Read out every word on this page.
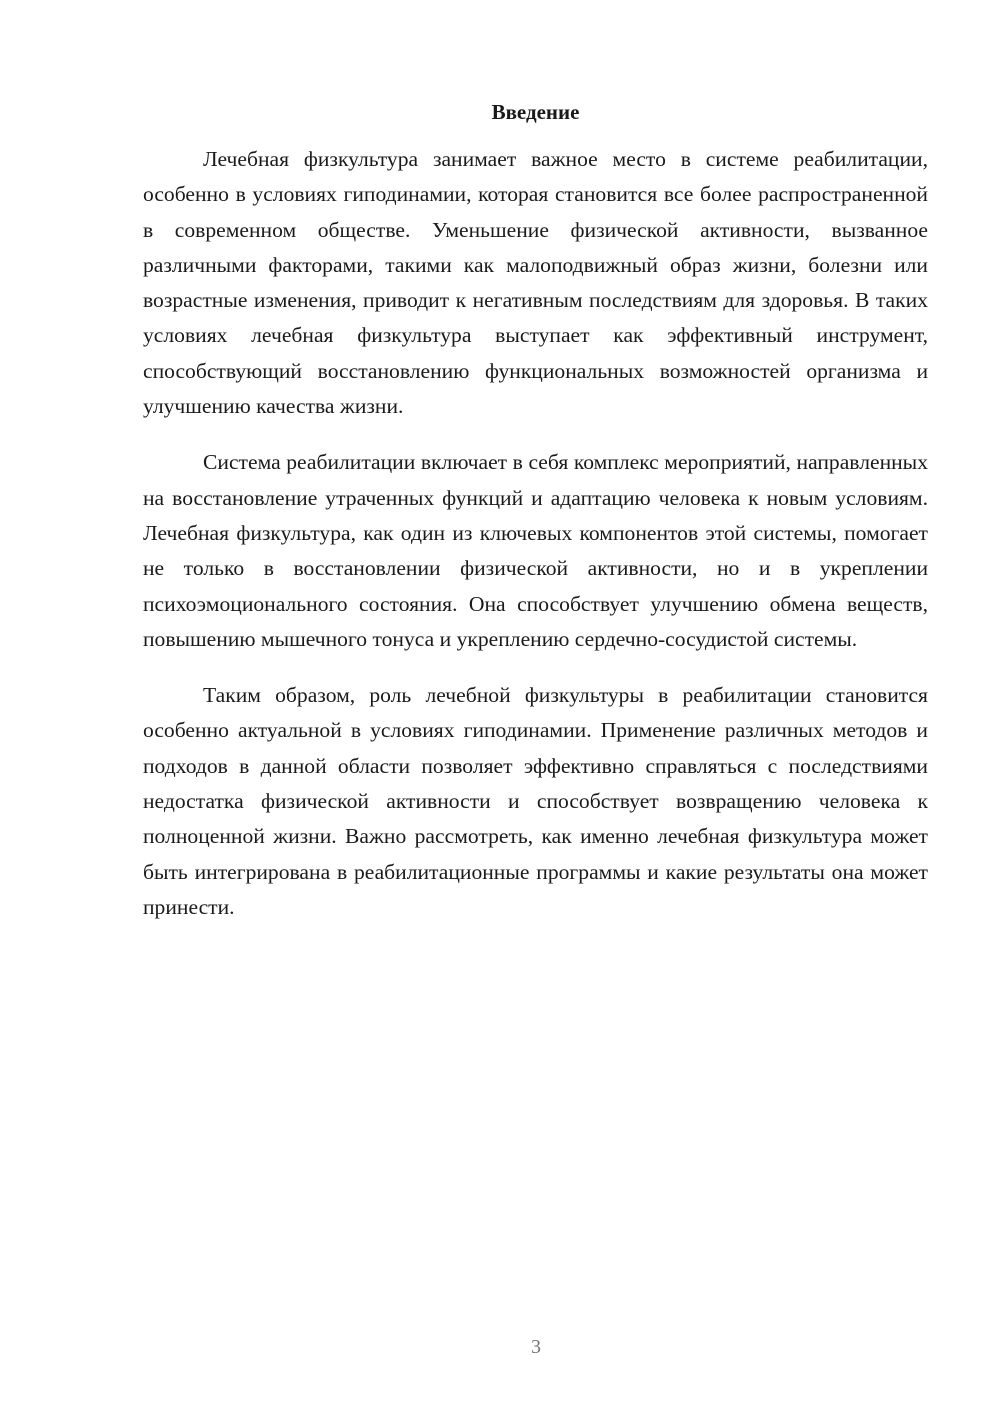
Введение

Лечебная физкультура занимает важное место в системе реабилитации, особенно в условиях гиподинамии, которая становится все более распространенной в современном обществе. Уменьшение физической активности, вызванное различными факторами, такими как малоподвижный образ жизни, болезни или возрастные изменения, приводит к негативным последствиям для здоровья. В таких условиях лечебная физкультура выступает как эффективный инструмент, способствующий восстановлению функциональных возможностей организма и улучшению качества жизни.

Система реабилитации включает в себя комплекс мероприятий, направленных на восстановление утраченных функций и адаптацию человека к новым условиям. Лечебная физкультура, как один из ключевых компонентов этой системы, помогает не только в восстановлении физической активности, но и в укреплении психоэмоционального состояния. Она способствует улучшению обмена веществ, повышению мышечного тонуса и укреплению сердечно-сосудистой системы.

Таким образом, роль лечебной физкультуры в реабилитации становится особенно актуальной в условиях гиподинамии. Применение различных методов и подходов в данной области позволяет эффективно справляться с последствиями недостатка физической активности и способствует возвращению человека к полноценной жизни. Важно рассмотреть, как именно лечебная физкультура может быть интегрирована в реабилитационные программы и какие результаты она может принести.

3
